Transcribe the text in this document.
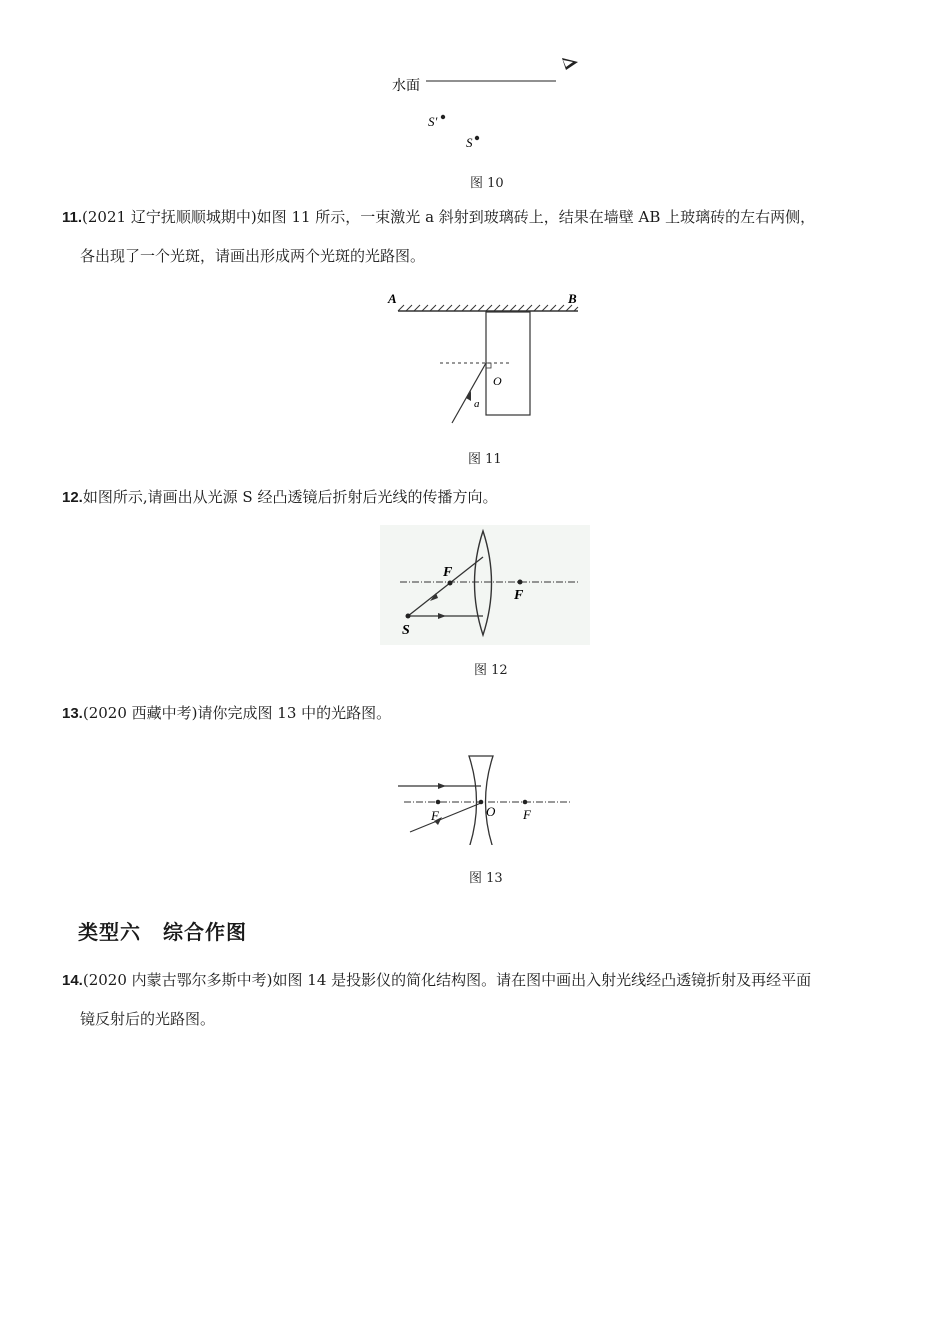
水面
S′
S
图 10
11.(2021 辽宁抚顺顺城期中)如图 11 所示，一束激光 a 斜射到玻璃砖上，结果在墙壁 AB 上玻璃砖的左右两侧，
各出现了一个光斑，请画出形成两个光斑的光路图。
A	B
a
O
图 11
12.如图所示,请画出从光源 S 经凸透镜后折射后光线的传播方向。
F
F
S
图 12
13.(2020 西藏中考)请你完成图 13 中的光路图。
F	O F
图 13
类型六 综合作图
14.(2020 内蒙古鄂尔多斯中考)如图 14 是投影仪的简化结构图。请在图中画出入射光线经凸透镜折射及再经平面
镜反射后的光路图。
